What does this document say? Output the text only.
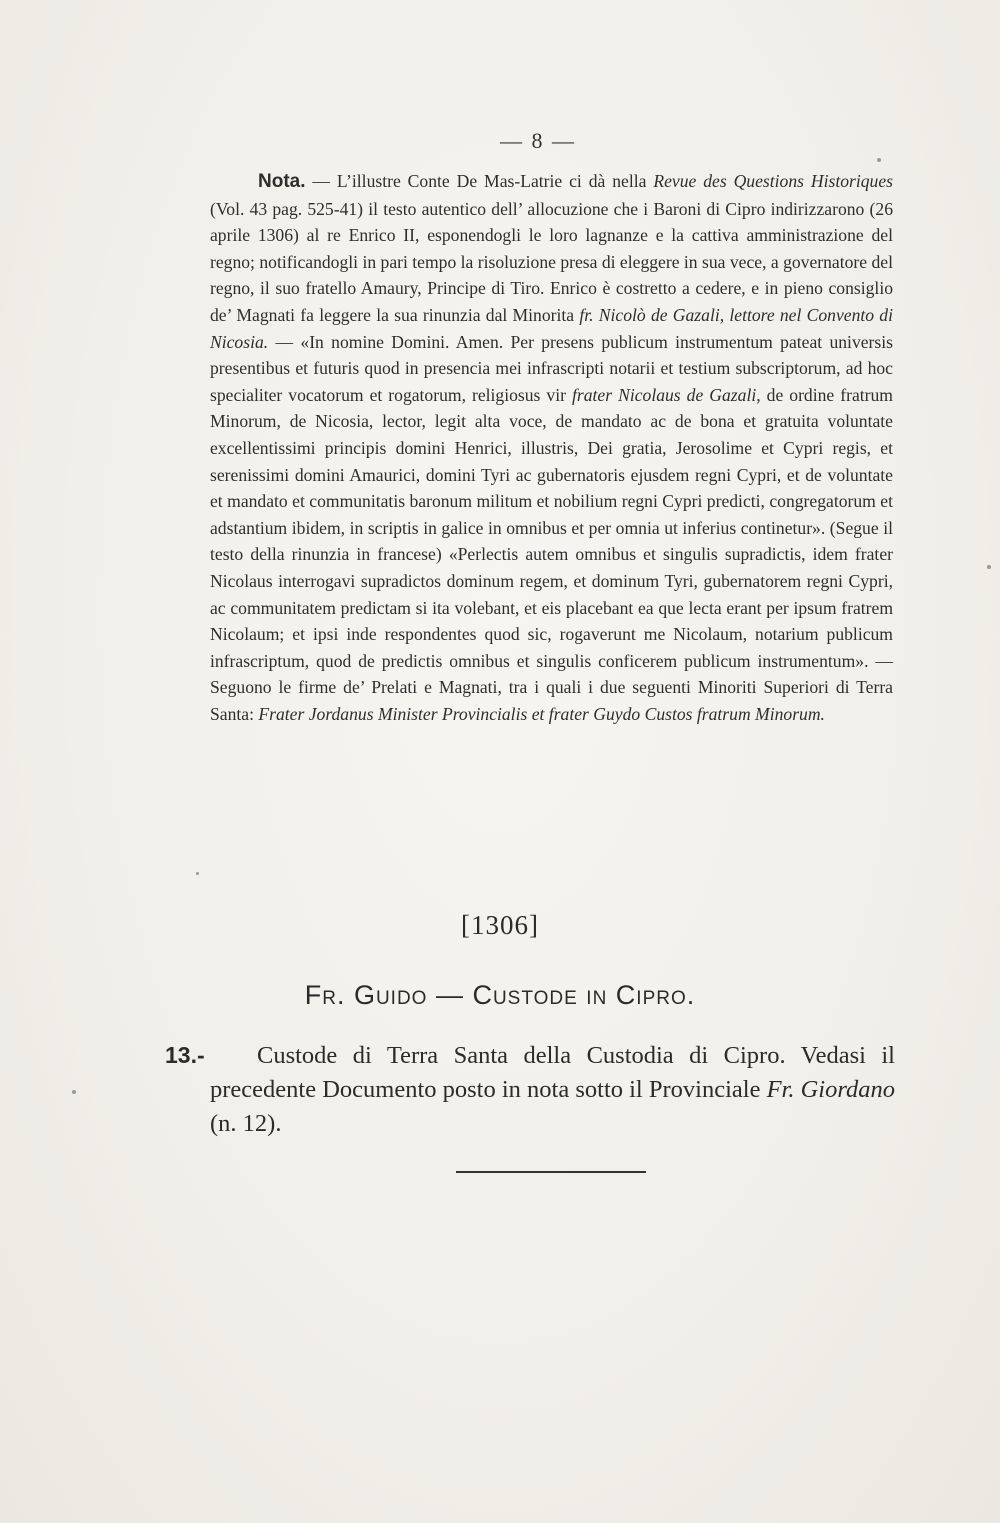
— 8 —

Nota. — L’illustre Conte De Mas-Latrie ci dà nella Revue des Questions Historiques (Vol. 43 pag. 525-41) il testo autentico dell’ allocuzione che i Baroni di Cipro indirizzarono (26 aprile 1306) al re Enrico II, esponendogli le loro lagnanze e la cattiva amministrazione del regno; notificandogli in pari tempo la risoluzione presa di eleggere in sua vece, a governatore del regno, il suo fratello Amaury, Principe di Tiro. Enrico è costretto a cedere, e in pieno consiglio de’ Magnati fa leggere la sua rinunzia dal Minorita fr. Nicolò de Gazali, lettore nel Convento di Nicosia. — «In nomine Domini. Amen. Per presens publicum instrumentum pateat universis presentibus et futuris quod in presencia mei infrascripti notarii et testium subscriptorum, ad hoc specialiter vocatorum et rogatorum, religiosus vir frater Nicolaus de Gazali, de ordine fratrum Minorum, de Nicosia, lector, legit alta voce, de mandato ac de bona et gratuita voluntate excellentissimi principis domini Henrici, illustris, Dei gratia, Jerosolime et Cypri regis, et serenissimi domini Amaurici, domini Tyri ac gubernatoris ejusdem regni Cypri, et de voluntate et mandato et communitatis baronum militum et nobilium regni Cypri predicti, congregatorum et adstantium ibidem, in scriptis in galice in omnibus et per omnia ut inferius continetur». (Segue il testo della rinunzia in francese) «Perlectis autem omnibus et singulis supradictis, idem frater Nicolaus interrogavi supradictos dominum regem, et dominum Tyri, gubernatorem regni Cypri, ac communitatem predictam si ita volebant, et eis placebant ea que lecta erant per ipsum fratrem Nicolaum; et ipsi inde respondentes quod sic, rogaverunt me Nicolaum, notarium publicum infrascriptum, quod de predictis omnibus et singulis conficerem publicum instrumentum». — Seguono le firme de’ Prelati e Magnati, tra i quali i due seguenti Minoriti Superiori di Terra Santa: Frater Jordanus Minister Provincialis et frater Guydo Custos fratrum Minorum.

[1306]
Fr. Guido — Custode in Cipro.
13.-	Custode di Terra Santa della Custodia di Cipro. Vedasi il precedente Documento posto in nota sotto il Provinciale Fr. Giordano (n. 12).
